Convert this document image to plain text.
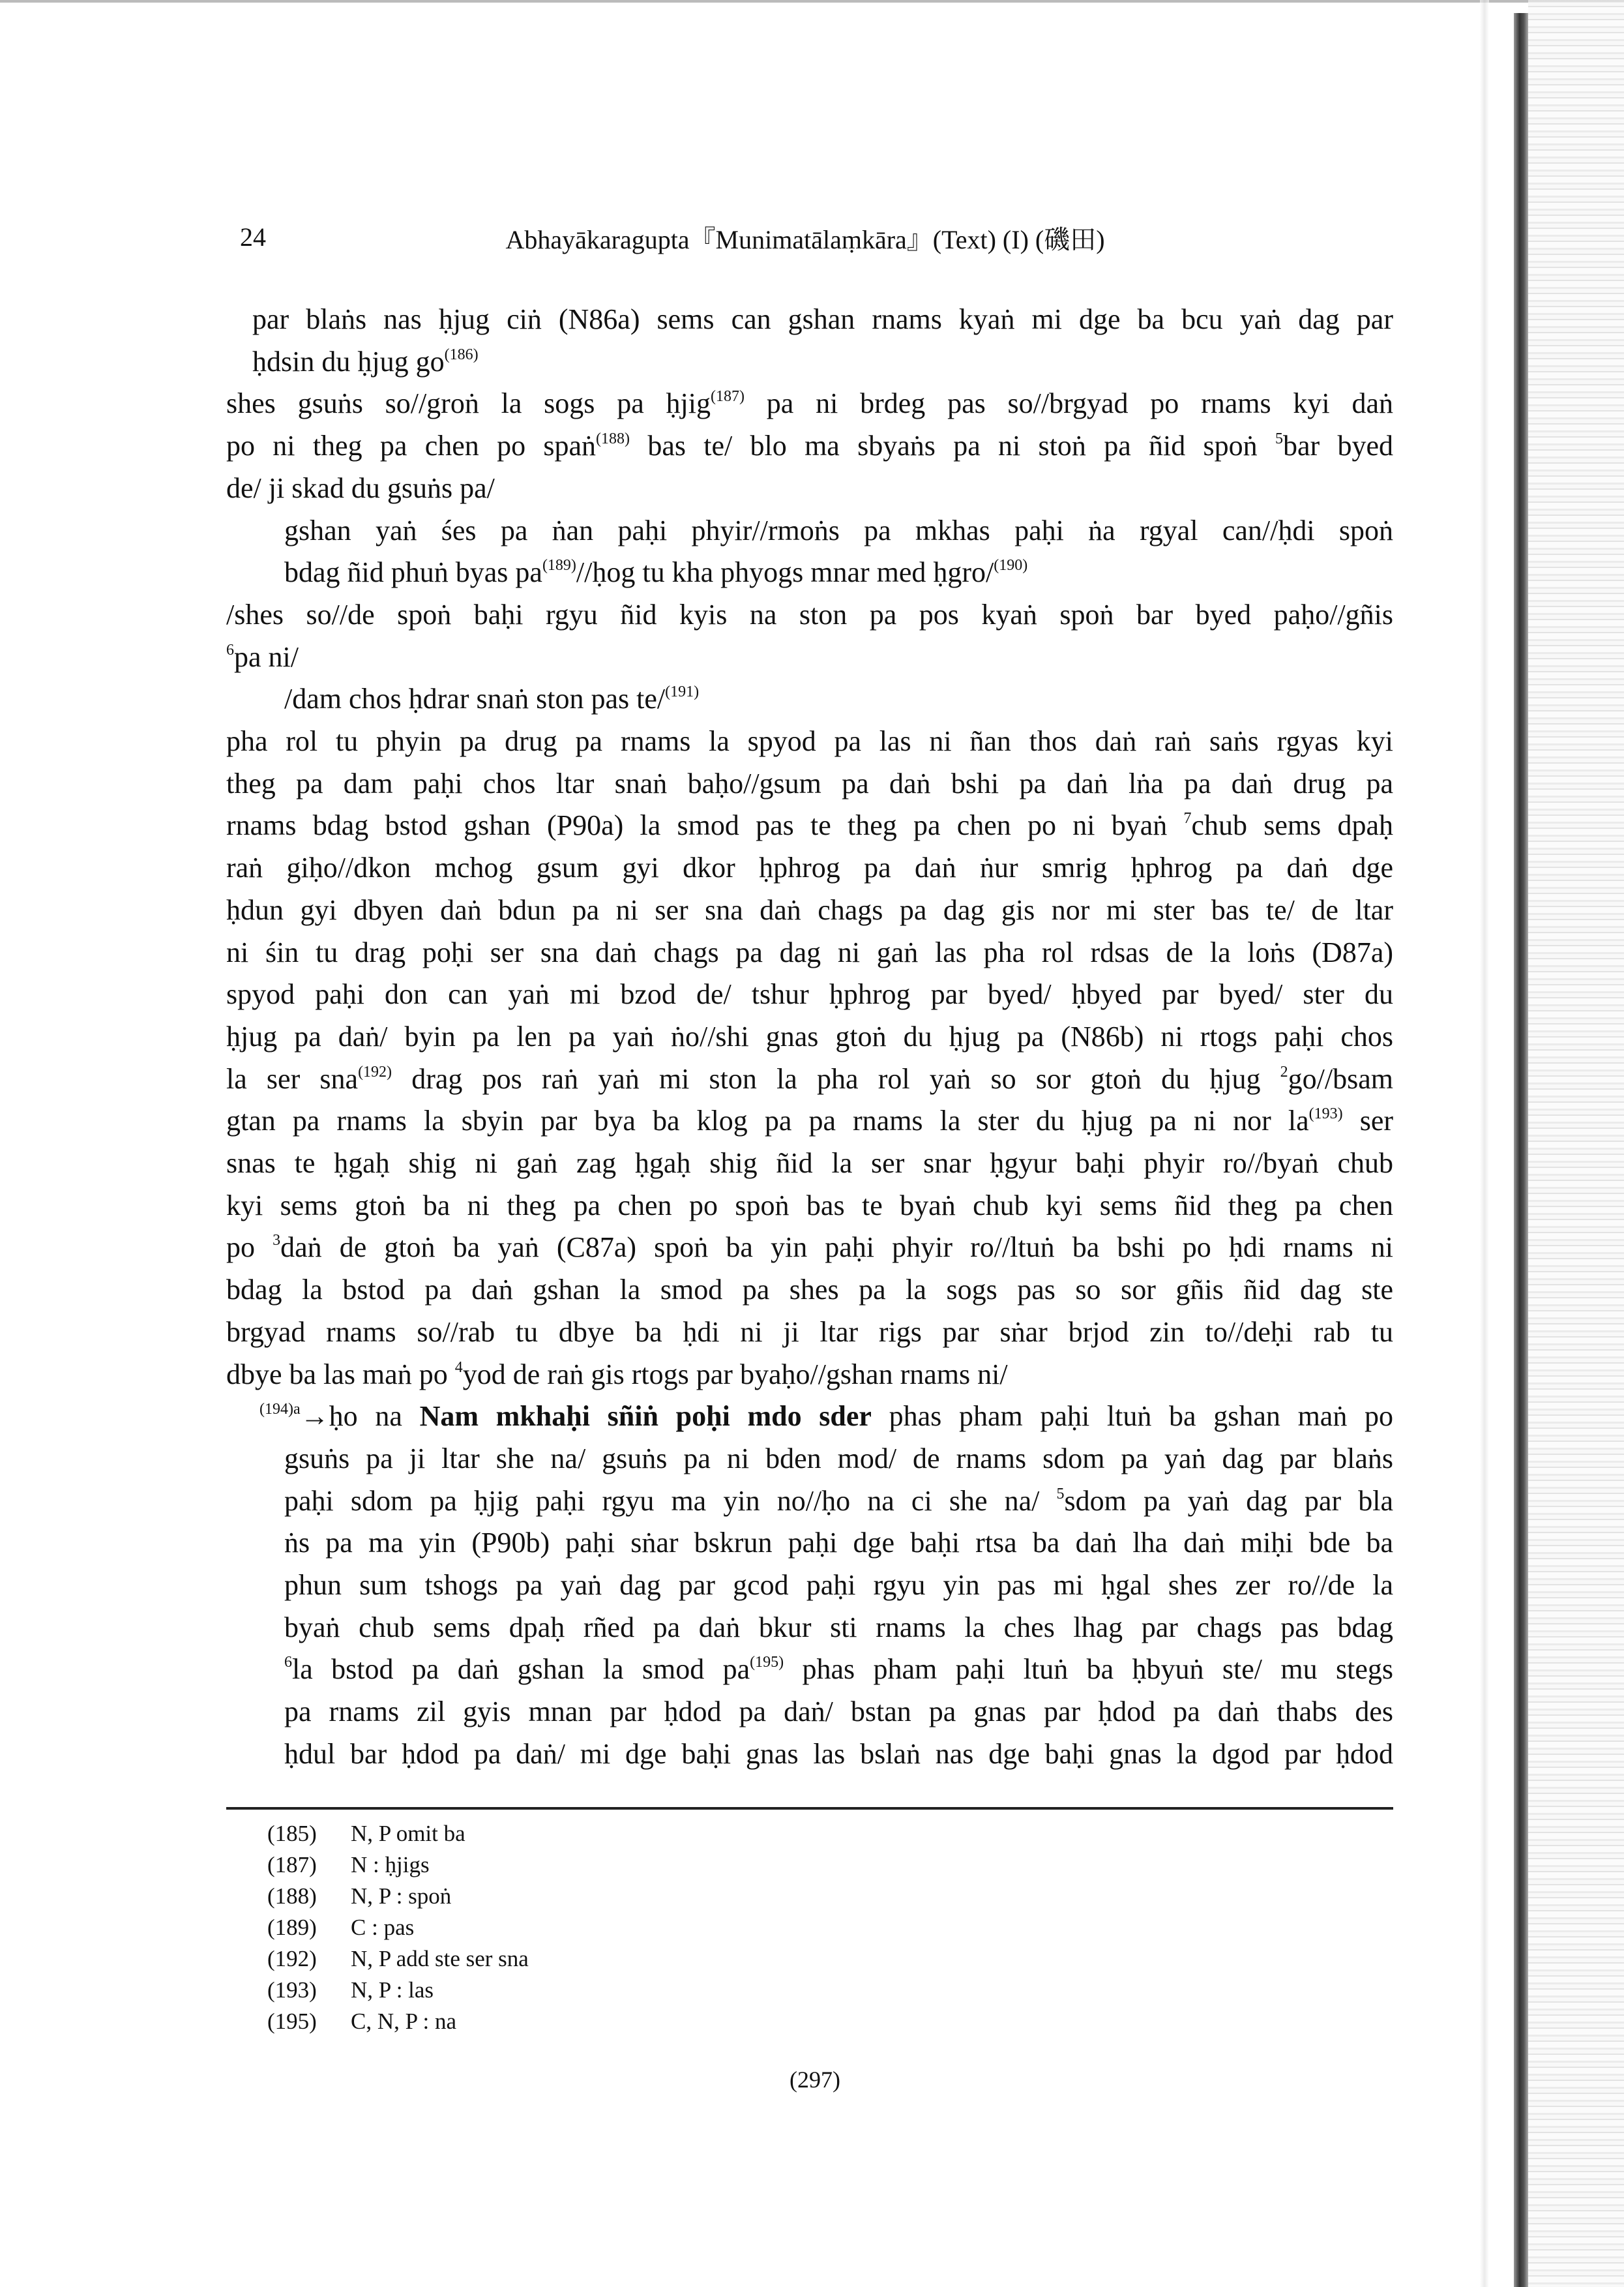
24	Abhayākaragupta『Munimatālaṃkāra』(Text) (I) (磯田)
par blaṅs nas ḥjug ciṅ (N86a) sems can gshan rnams kyaṅ mi dge ba bcu yaṅ dag par
ḥdsin du ḥjug $go^{(186)}$
shes gsuṅs so//groṅ la sogs pa ḥjig$^{(187)}$ pa ni brdeg pas so//brgyad po rnams kyi daṅ
po ni theg pa chen po spaṅ$^{(188)}$ bas te/ blo ma sbyaṅs pa ni stoṅ pa ñid spoṅ $^5$bar byed
de/ ji skad du gsuṅs pa/
gshan yaṅ śes pa ṅan paḥi phyir//rmoṅs pa mkhas paḥi ṅa rgyal can//ḥdi spoṅ
bdag ñid phuṅ byas $pa^{(189)}/$/ḥog tu kha phyogs mnar med ḥgro/$^{(190)}$
/shes so//de spoṅ baḥi rgyu ñid kyis na ston pa pos kyaṅ spoṅ bar byed paḥo//gñis
$^6$pa ni/
/dam chos ḥdrar snaṅ ston pas te/$^{(191)}$
pha rol tu phyin pa drug pa rnams la spyod pa las ni ñan thos daṅ raṅ saṅs rgyas kyi
theg pa dam paḥi chos ltar snaṅ baḥo//gsum pa daṅ bshi pa daṅ lṅa pa daṅ drug pa
rnams bdag bstod gshan (P90a) la smod pas te theg pa chen po ni byaṅ $^7$chub sems dpaḥ
raṅ giḥo//dkon mchog gsum gyi dkor ḥphrog pa daṅ ṅur smrig ḥphrog pa daṅ dge
ḥdun gyi dbyen daṅ bdun pa ni ser sna daṅ chags pa dag gis nor mi ster bas te/ de ltar
ni śin tu drag poḥi ser sna daṅ chags pa dag ni gaṅ las pha rol rdsas de la loṅs (D87a)
spyod paḥi don can yaṅ mi bzod de/ tshur ḥphrog par byed/ ḥbyed par byed/ ster du
ḥjug pa daṅ/ byin pa len pa yaṅ ṅo//shi gnas gtoṅ du ḥjug pa (N86b) ni rtogs paḥi chos
la ser sna$^{(192)}$ drag pos raṅ yaṅ mi ston la pha rol yaṅ so sor gtoṅ du ḥjug $^2$go//bsam
gtan pa rnams la sbyin par bya ba klog pa pa rnams la ster du ḥjug pa ni nor $la^{(193)}$ ser
snas te ḥgaḥ shig ni gaṅ zag ḥgaḥ shig ñid la ser snar ḥgyur baḥi phyir ro//byaṅ chub
kyi sems gtoṅ ba ni theg pa chen po spoṅ bas te byaṅ chub kyi sems ñid theg pa chen
po $^3$daṅ de gtoṅ ba yaṅ (C87a) spoṅ ba yin paḥi phyir ro//ltuṅ ba bshi po ḥdi rnams ni
bdag la bstod pa daṅ gshan la smod pa shes pa la sogs pas so sor gñis ñid dag ste
brgyad rnams so//rab tu dbye ba ḥdi ni ji ltar rigs par sṅar brjod zin to//deḥi rab tu
dbye ba las maṅ po $^4$yod de raṅ gis rtogs par byaḥo//gshan rnams ni/
$^{(194)a}$→ḥo na Nam mkhaḥi sñiṅ poḥi mdo sder phas pham paḥi ltuṅ ba gshan maṅ po
gsuṅs pa ji ltar she na/ gsuṅs pa ni bden mod/ de rnams sdom pa yaṅ dag par blaṅs
paḥi sdom pa ḥjig paḥi rgyu ma yin no//ḥo na ci she na/ $^5$sdom pa yaṅ dag par bla
ṅs pa ma yin (P90b) paḥi sṅar bskrun paḥi dge baḥi rtsa ba daṅ lha daṅ miḥi bde ba
phun sum tshogs pa yaṅ dag par gcod paḥi rgyu yin pas mi ḥgal shes zer ro//de la
byaṅ chub sems dpaḥ rñed pa daṅ bkur sti rnams la ches lhag par chags pas bdag
$^6$la bstod pa daṅ gshan la smod $pa^{(195)}$ phas pham paḥi ltuṅ ba ḥbyuṅ ste/ mu stegs
pa rnams zil gyis mnan par ḥdod pa daṅ/ bstan pa gnas par ḥdod pa daṅ thabs des
ḥdul bar ḥdod pa daṅ/ mi dge baḥi gnas las bslaṅ nas dge baḥi gnas la dgod par ḥdod
(185) N, P omit ba
(187) N : ḥjigs
(188) N, P : spoṅ
(189) C : pas
(192) N, P add ste ser sna
(193) N, P : las
(195) C, N, P : na
(297)
